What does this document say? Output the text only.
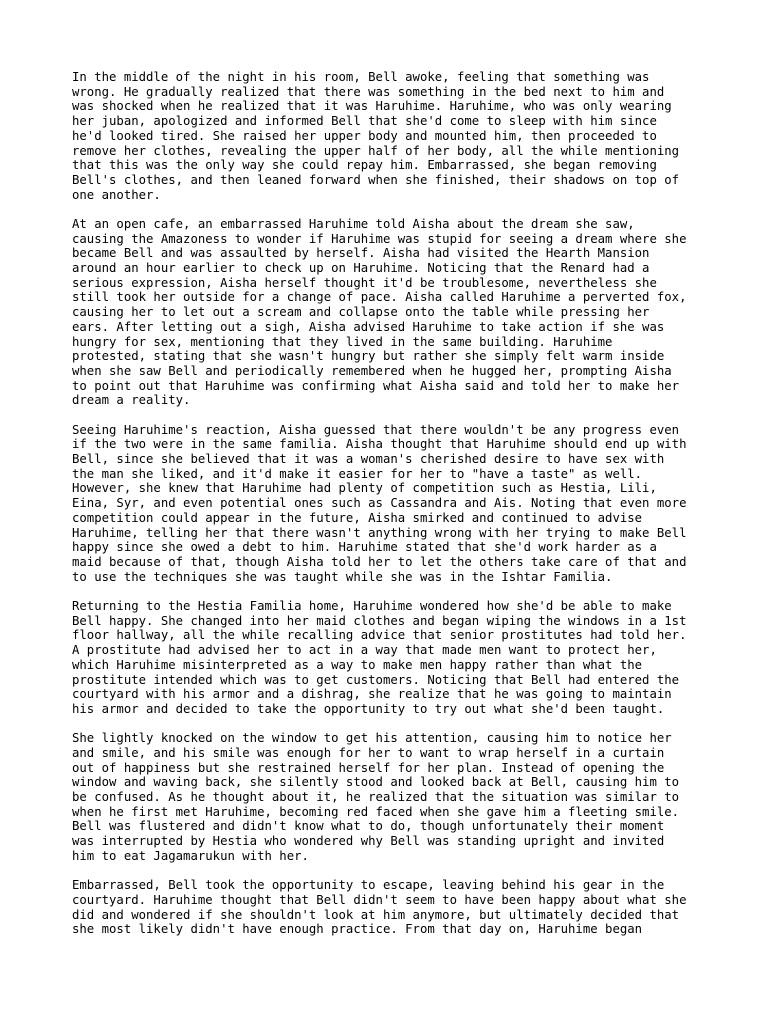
In the middle of the night in his room, Bell awoke, feeling that something was
wrong. He gradually realized that there was something in the bed next to him and
was shocked when he realized that it was Haruhime. Haruhime, who was only wearing
her juban, apologized and informed Bell that she'd come to sleep with him since
he'd looked tired. She raised her upper body and mounted him, then proceeded to
remove her clothes, revealing the upper half of her body, all the while mentioning
that this was the only way she could repay him. Embarrassed, she began removing
Bell's clothes, and then leaned forward when she finished, their shadows on top of
one another.

At an open cafe, an embarrassed Haruhime told Aisha about the dream she saw,
causing the Amazoness to wonder if Haruhime was stupid for seeing a dream where she
became Bell and was assaulted by herself. Aisha had visited the Hearth Mansion
around an hour earlier to check up on Haruhime. Noticing that the Renard had a
serious expression, Aisha herself thought it'd be troublesome, nevertheless she
still took her outside for a change of pace. Aisha called Haruhime a perverted fox,
causing her to let out a scream and collapse onto the table while pressing her
ears. After letting out a sigh, Aisha advised Haruhime to take action if she was
hungry for sex, mentioning that they lived in the same building. Haruhime
protested, stating that she wasn't hungry but rather she simply felt warm inside
when she saw Bell and periodically remembered when he hugged her, prompting Aisha
to point out that Haruhime was confirming what Aisha said and told her to make her
dream a reality.

Seeing Haruhime's reaction, Aisha guessed that there wouldn't be any progress even
if the two were in the same familia. Aisha thought that Haruhime should end up with
Bell, since she believed that it was a woman's cherished desire to have sex with
the man she liked, and it'd make it easier for her to "have a taste" as well.
However, she knew that Haruhime had plenty of competition such as Hestia, Lili,
Eina, Syr, and even potential ones such as Cassandra and Ais. Noting that even more
competition could appear in the future, Aisha smirked and continued to advise
Haruhime, telling her that there wasn't anything wrong with her trying to make Bell
happy since she owed a debt to him. Haruhime stated that she'd work harder as a
maid because of that, though Aisha told her to let the others take care of that and
to use the techniques she was taught while she was in the Ishtar Familia.

Returning to the Hestia Familia home, Haruhime wondered how she'd be able to make
Bell happy. She changed into her maid clothes and began wiping the windows in a 1st
floor hallway, all the while recalling advice that senior prostitutes had told her.
A prostitute had advised her to act in a way that made men want to protect her,
which Haruhime misinterpreted as a way to make men happy rather than what the
prostitute intended which was to get customers. Noticing that Bell had entered the
courtyard with his armor and a dishrag, she realize that he was going to maintain
his armor and decided to take the opportunity to try out what she'd been taught.

She lightly knocked on the window to get his attention, causing him to notice her
and smile, and his smile was enough for her to want to wrap herself in a curtain
out of happiness but she restrained herself for her plan. Instead of opening the
window and waving back, she silently stood and looked back at Bell, causing him to
be confused. As he thought about it, he realized that the situation was similar to
when he first met Haruhime, becoming red faced when she gave him a fleeting smile.
Bell was flustered and didn't know what to do, though unfortunately their moment
was interrupted by Hestia who wondered why Bell was standing upright and invited
him to eat Jagamarukun with her.

Embarrassed, Bell took the opportunity to escape, leaving behind his gear in the
courtyard. Haruhime thought that Bell didn't seem to have been happy about what she
did and wondered if she shouldn't look at him anymore, but ultimately decided that
she most likely didn't have enough practice. From that day on, Haruhime began
